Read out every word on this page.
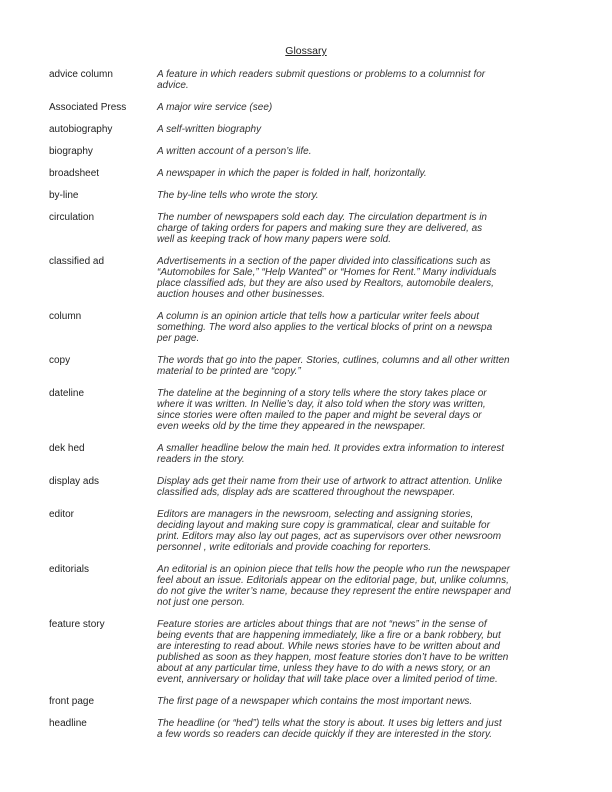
Glossary
advice column	A feature in which readers submit questions or problems to a columnist for
advice.
Associated Press	A major wire service (see)
autobiography	A self-written biography
biography	A written account of a person’s life.
broadsheet	A newspaper in which the paper is folded in half, horizontally.
by-line	The by-line tells who wrote the story.
circulation	The number of newspapers sold each day. The circulation department is in
charge of taking orders for papers and making sure they are delivered, as
well as keeping track of how many papers were sold.
classified ad	Advertisements in a section of the paper divided into classifications such as
“Automobiles for Sale,” “Help Wanted” or “Homes for Rent.” Many individuals
place classified ads, but they are also used by Realtors, automobile dealers,
auction houses and other businesses.
column	A column is an opinion article that tells how a particular writer feels about
something. The word also applies to the vertical blocks of print on a newspa
per page.
copy	The words that go into the paper. Stories, cutlines, columns and all other written
material to be printed are “copy.”
dateline	The dateline at the beginning of a story tells where the story takes place or
where it was written. In Nellie’s day, it also told when the story was written,
since stories were often mailed to the paper and might be several days or
even weeks old by the time they appeared in the newspaper.
dek hed	A smaller headline below the main hed. It provides extra information to interest
readers in the story.
display ads	Display ads get their name from their use of artwork to attract attention. Unlike
classified ads, display ads are scattered throughout the newspaper.
editor	Editors are managers in the newsroom, selecting and assigning stories,
deciding layout and making sure copy is grammatical, clear and suitable for
print. Editors may also lay out pages, act as supervisors over other newsroom
personnel , write editorials and provide coaching for reporters.
editorials	An editorial is an opinion piece that tells how the people who run the newspaper
feel about an issue. Editorials appear on the editorial page, but, unlike columns,
do not give the writer’s name, because they represent the entire newspaper and
not just one person.
feature story	Feature stories are articles about things that are not “news” in the sense of
being events that are happening immediately, like a fire or a bank robbery, but
are interesting to read about. While news stories have to be written about and
published as soon as they happen, most feature stories don’t have to be written
about at any particular time, unless they have to do with a news story, or an
event, anniversary or holiday that will take place over a limited period of time.
front page	The first page of a newspaper which contains the most important news.
headline	The headline (or “hed”) tells what the story is about. It uses big letters and just
a few words so readers can decide quickly if they are interested in the story.
